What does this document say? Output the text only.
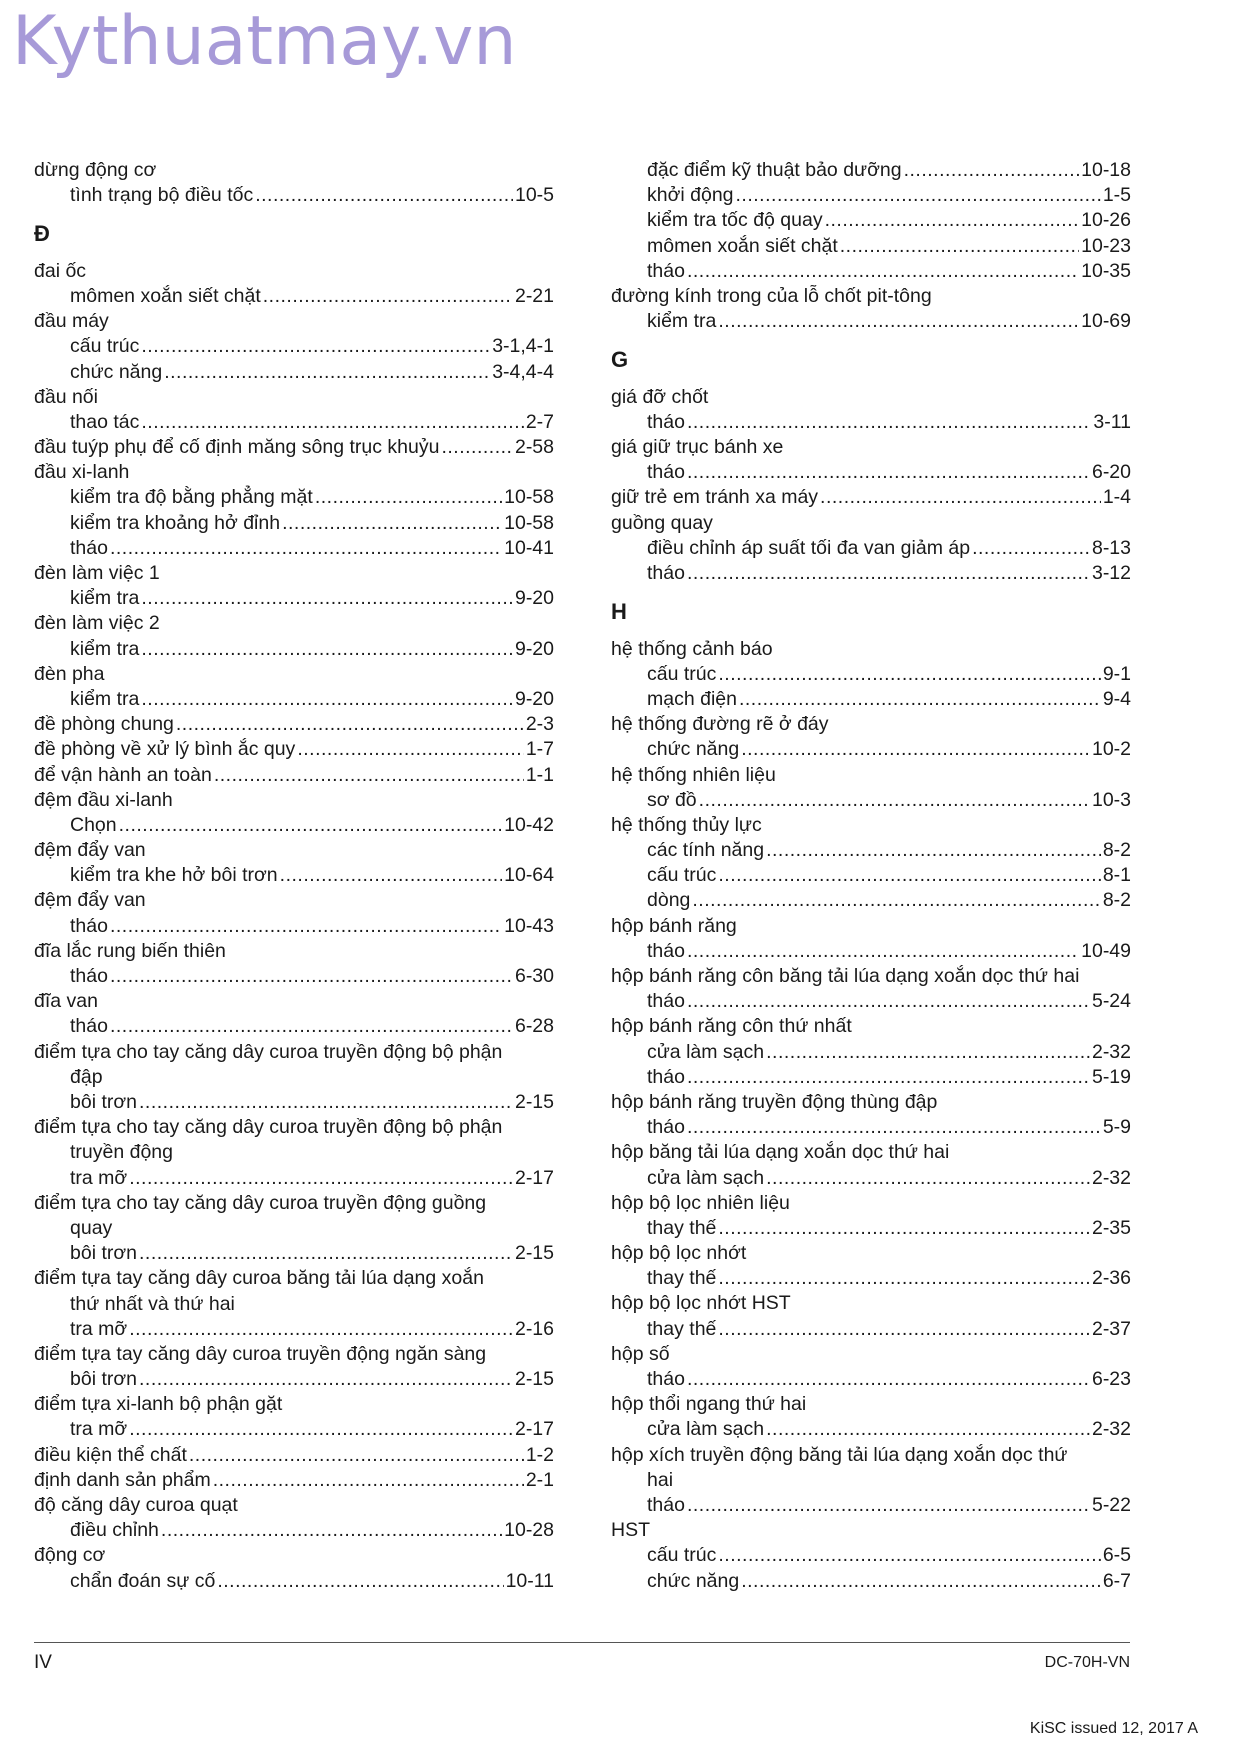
Kythuatmay.vn
dừng động cơ
tình trạng bộ điều tốc .....	10-5
Đ
đai ốc
mômen xoắn siết chặt .....	2-21
đầu máy
cấu trúc .....	3-1,4-1
chức năng .....	3-4,4-4
đầu nối
thao tác .....	2-7
đầu tuýp phụ để cố định măng sông trục khuỷu .....	2-58
đầu xi-lanh
kiểm tra độ bằng phẳng mặt .....	10-58
kiểm tra khoảng hở đỉnh .....	10-58
tháo .....	10-41
đèn làm việc 1
kiểm tra .....	9-20
đèn làm việc 2
kiểm tra .....	9-20
đèn pha
kiểm tra .....	9-20
đề phòng chung .....	2-3
đề phòng về xử lý bình ắc quy .....	1-7
để vận hành an toàn .....	1-1
đệm đầu xi-lanh
Chọn .....	10-42
đệm đẩy van
kiểm tra khe hở bôi trơn .....	10-64
đệm đẩy van
tháo .....	10-43
đĩa lắc rung biến thiên
tháo .....	6-30
đĩa van
tháo .....	6-28
điểm tựa cho tay căng dây curoa truyền động bộ phận
đập
bôi trơn .....	2-15
điểm tựa cho tay căng dây curoa truyền động bộ phận
truyền động
tra mỡ .....	2-17
điểm tựa cho tay căng dây curoa truyền động guồng
quay
bôi trơn .....	2-15
điểm tựa tay căng dây curoa băng tải lúa dạng xoắn
thứ nhất và thứ hai
tra mỡ .....	2-16
điểm tựa tay căng dây curoa truyền động ngăn sàng
bôi trơn .....	2-15
điểm tựa xi-lanh bộ phận gặt
tra mỡ .....	2-17
điều kiện thể chất .....	1-2
định danh sản phẩm .....	2-1
độ căng dây curoa quạt
điều chỉnh .....	10-28
động cơ
chẩn đoán sự cố .....	10-11
đặc điểm kỹ thuật bảo dưỡng .....	10-18
khởi động .....	1-5
kiểm tra tốc độ quay .....	10-26
mômen xoắn siết chặt .....	10-23
tháo .....	10-35
đường kính trong của lỗ chốt pit-tông
kiểm tra .....	10-69
G
giá đỡ chốt
tháo .....	3-11
giá giữ trục bánh xe
tháo .....	6-20
giữ trẻ em tránh xa máy .....	1-4
guồng quay
điều chỉnh áp suất tối đa van giảm áp .....	8-13
tháo .....	3-12
H
hệ thống cảnh báo
cấu trúc .....	9-1
mạch điện .....	9-4
hệ thống đường rẽ ở đáy
chức năng .....	10-2
hệ thống nhiên liệu
sơ đồ .....	10-3
hệ thống thủy lực
các tính năng .....	8-2
cấu trúc .....	8-1
dòng .....	8-2
hộp bánh răng
tháo .....	10-49
hộp bánh răng côn băng tải lúa dạng xoắn dọc thứ hai
tháo .....	5-24
hộp bánh răng côn thứ nhất
cửa làm sạch .....	2-32
tháo .....	5-19
hộp bánh răng truyền động thùng đập
tháo .....	5-9
hộp băng tải lúa dạng xoắn dọc thứ hai
cửa làm sạch .....	2-32
hộp bộ lọc nhiên liệu
thay thế .....	2-35
hộp bộ lọc nhớt
thay thế .....	2-36
hộp bộ lọc nhớt HST
thay thế .....	2-37
hộp số
tháo .....	6-23
hộp thổi ngang thứ hai
cửa làm sạch .....	2-32
hộp xích truyền động băng tải lúa dạng xoắn dọc thứ
hai
tháo .....	5-22
HST
cấu trúc .....	6-5
chức năng .....	6-7
IV	DC-70H-VN
KiSC issued 12, 2017 A
